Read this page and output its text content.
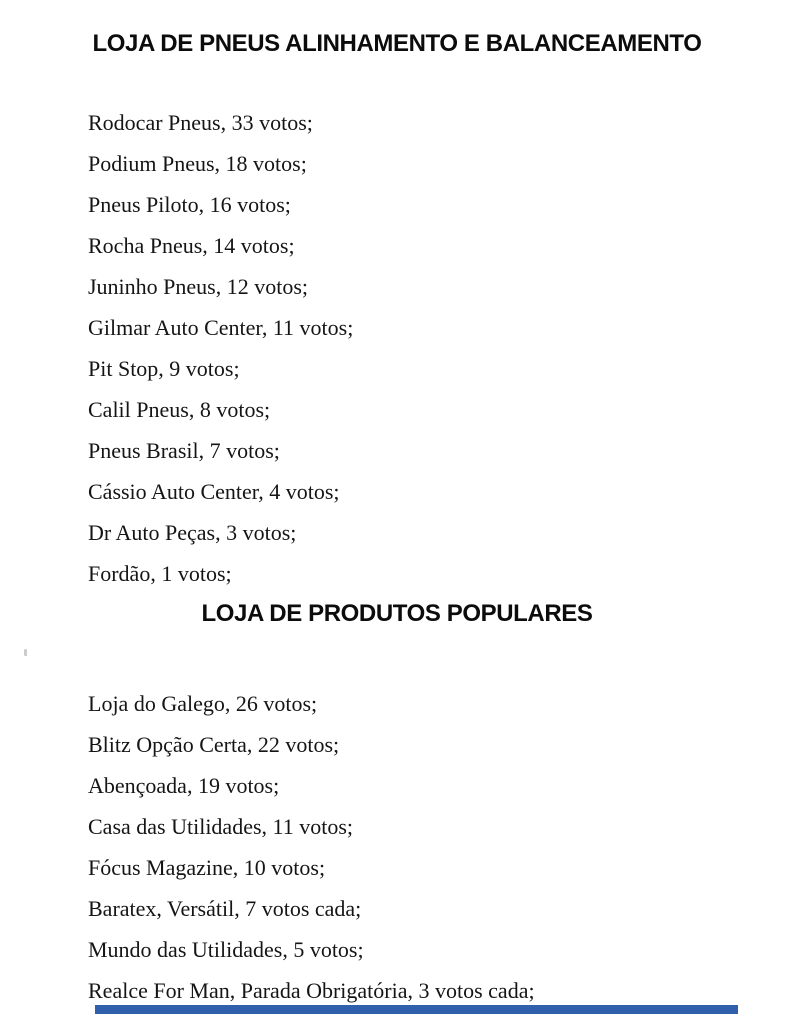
LOJA DE PNEUS ALINHAMENTO E BALANCEAMENTO
Rodocar Pneus, 33 votos;
Podium Pneus, 18 votos;
Pneus Piloto, 16 votos;
Rocha Pneus, 14 votos;
Juninho Pneus, 12 votos;
Gilmar Auto Center, 11 votos;
Pit Stop, 9 votos;
Calil Pneus, 8 votos;
Pneus Brasil, 7 votos;
Cássio Auto Center, 4 votos;
Dr Auto Peças, 3 votos;
Fordão, 1 votos;
LOJA DE PRODUTOS POPULARES
Loja do Galego, 26 votos;
Blitz Opção Certa, 22 votos;
Abençoada, 19 votos;
Casa das Utilidades, 11 votos;
Fócus Magazine, 10 votos;
Baratex, Versátil, 7 votos cada;
Mundo das Utilidades, 5 votos;
Realce For Man, Parada Obrigatória, 3 votos cada;
